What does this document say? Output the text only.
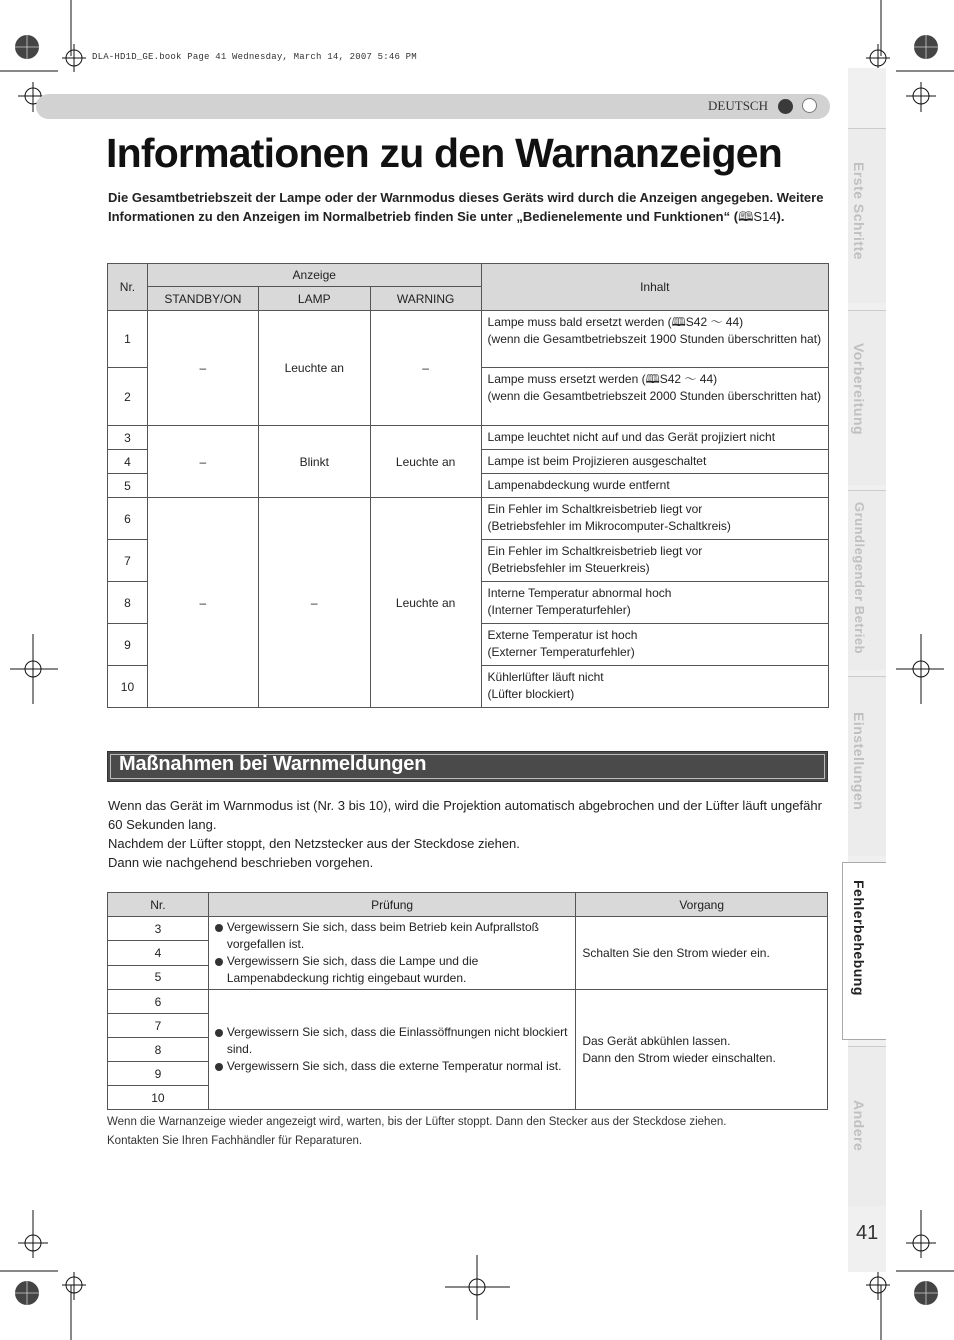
DLA-HD1D_GE.book Page 41 Wednesday, March 14, 2007 5:46 PM
DEUTSCH
Informationen zu den Warnanzeigen
Die Gesamtbetriebszeit der Lampe oder der Warnmodus dieses Geräts wird durch die Anzeigen angegeben. Weitere Informationen zu den Anzeigen im Normalbetrieb finden Sie unter „Bedienelemente und Funktionen“ (🕮S14).
Nr.	Anzeige			Inhalt
	STANDBY/ON	LAMP	WARNING	
1	–	Leuchte an	–	Lampe muss bald ersetzt werden (🕮S42 ～ 44)
(wenn die Gesamtbetriebszeit 1900 Stunden überschritten hat)
2				Lampe muss ersetzt werden (🕮S42 ～ 44)
(wenn die Gesamtbetriebszeit 2000 Stunden überschritten hat)
3	–	Blinkt	Leuchte an	Lampe leuchtet nicht auf und das Gerät projiziert nicht
4				Lampe ist beim Projizieren ausgeschaltet
5				Lampenabdeckung wurde entfernt
6	–	–	Leuchte an	Ein Fehler im Schaltkreisbetrieb liegt vor
(Betriebsfehler im Mikrocomputer-Schaltkreis)
7				Ein Fehler im Schaltkreisbetrieb liegt vor
(Betriebsfehler im Steuerkreis)
8				Interne Temperatur abnormal hoch
(Interner Temperaturfehler)
9				Externe Temperatur ist hoch
(Externer Temperaturfehler)
10				Kühlerlüfter läuft nicht
(Lüfter blockiert)
Maßnahmen bei Warnmeldungen
Wenn das Gerät im Warnmodus ist (Nr. 3 bis 10), wird die Projektion automatisch abgebrochen und der Lüfter läuft ungefähr 60 Sekunden lang.
Nachdem der Lüfter stoppt, den Netzstecker aus der Steckdose ziehen.
Dann wie nachgehend beschrieben vorgehen.
Nr.	Prüfung	Vorgang
3	Vergewissern Sie sich, dass beim Betrieb kein Aufprallstoß vorgefallen ist.
Vergewissern Sie sich, dass die Lampe und die Lampenabdeckung richtig eingebaut wurden.	Schalten Sie den Strom wieder ein.
4		
5		
6	Vergewissern Sie sich, dass die Einlassöffnungen nicht blockiert sind.
Vergewissern Sie sich, dass die externe Temperatur normal ist.	Das Gerät abkühlen lassen.
Dann den Strom wieder einschalten.
7		
8		
9		
10		
Wenn die Warnanzeige wieder angezeigt wird, warten, bis der Lüfter stoppt. Dann den Stecker aus der Steckdose ziehen.
Kontakten Sie Ihren Fachhändler für Reparaturen.
Erste Schritte
Vorbereitung
Grundlegender Betrieb
Einstellungen
Fehlerbehebung
Andere
41
